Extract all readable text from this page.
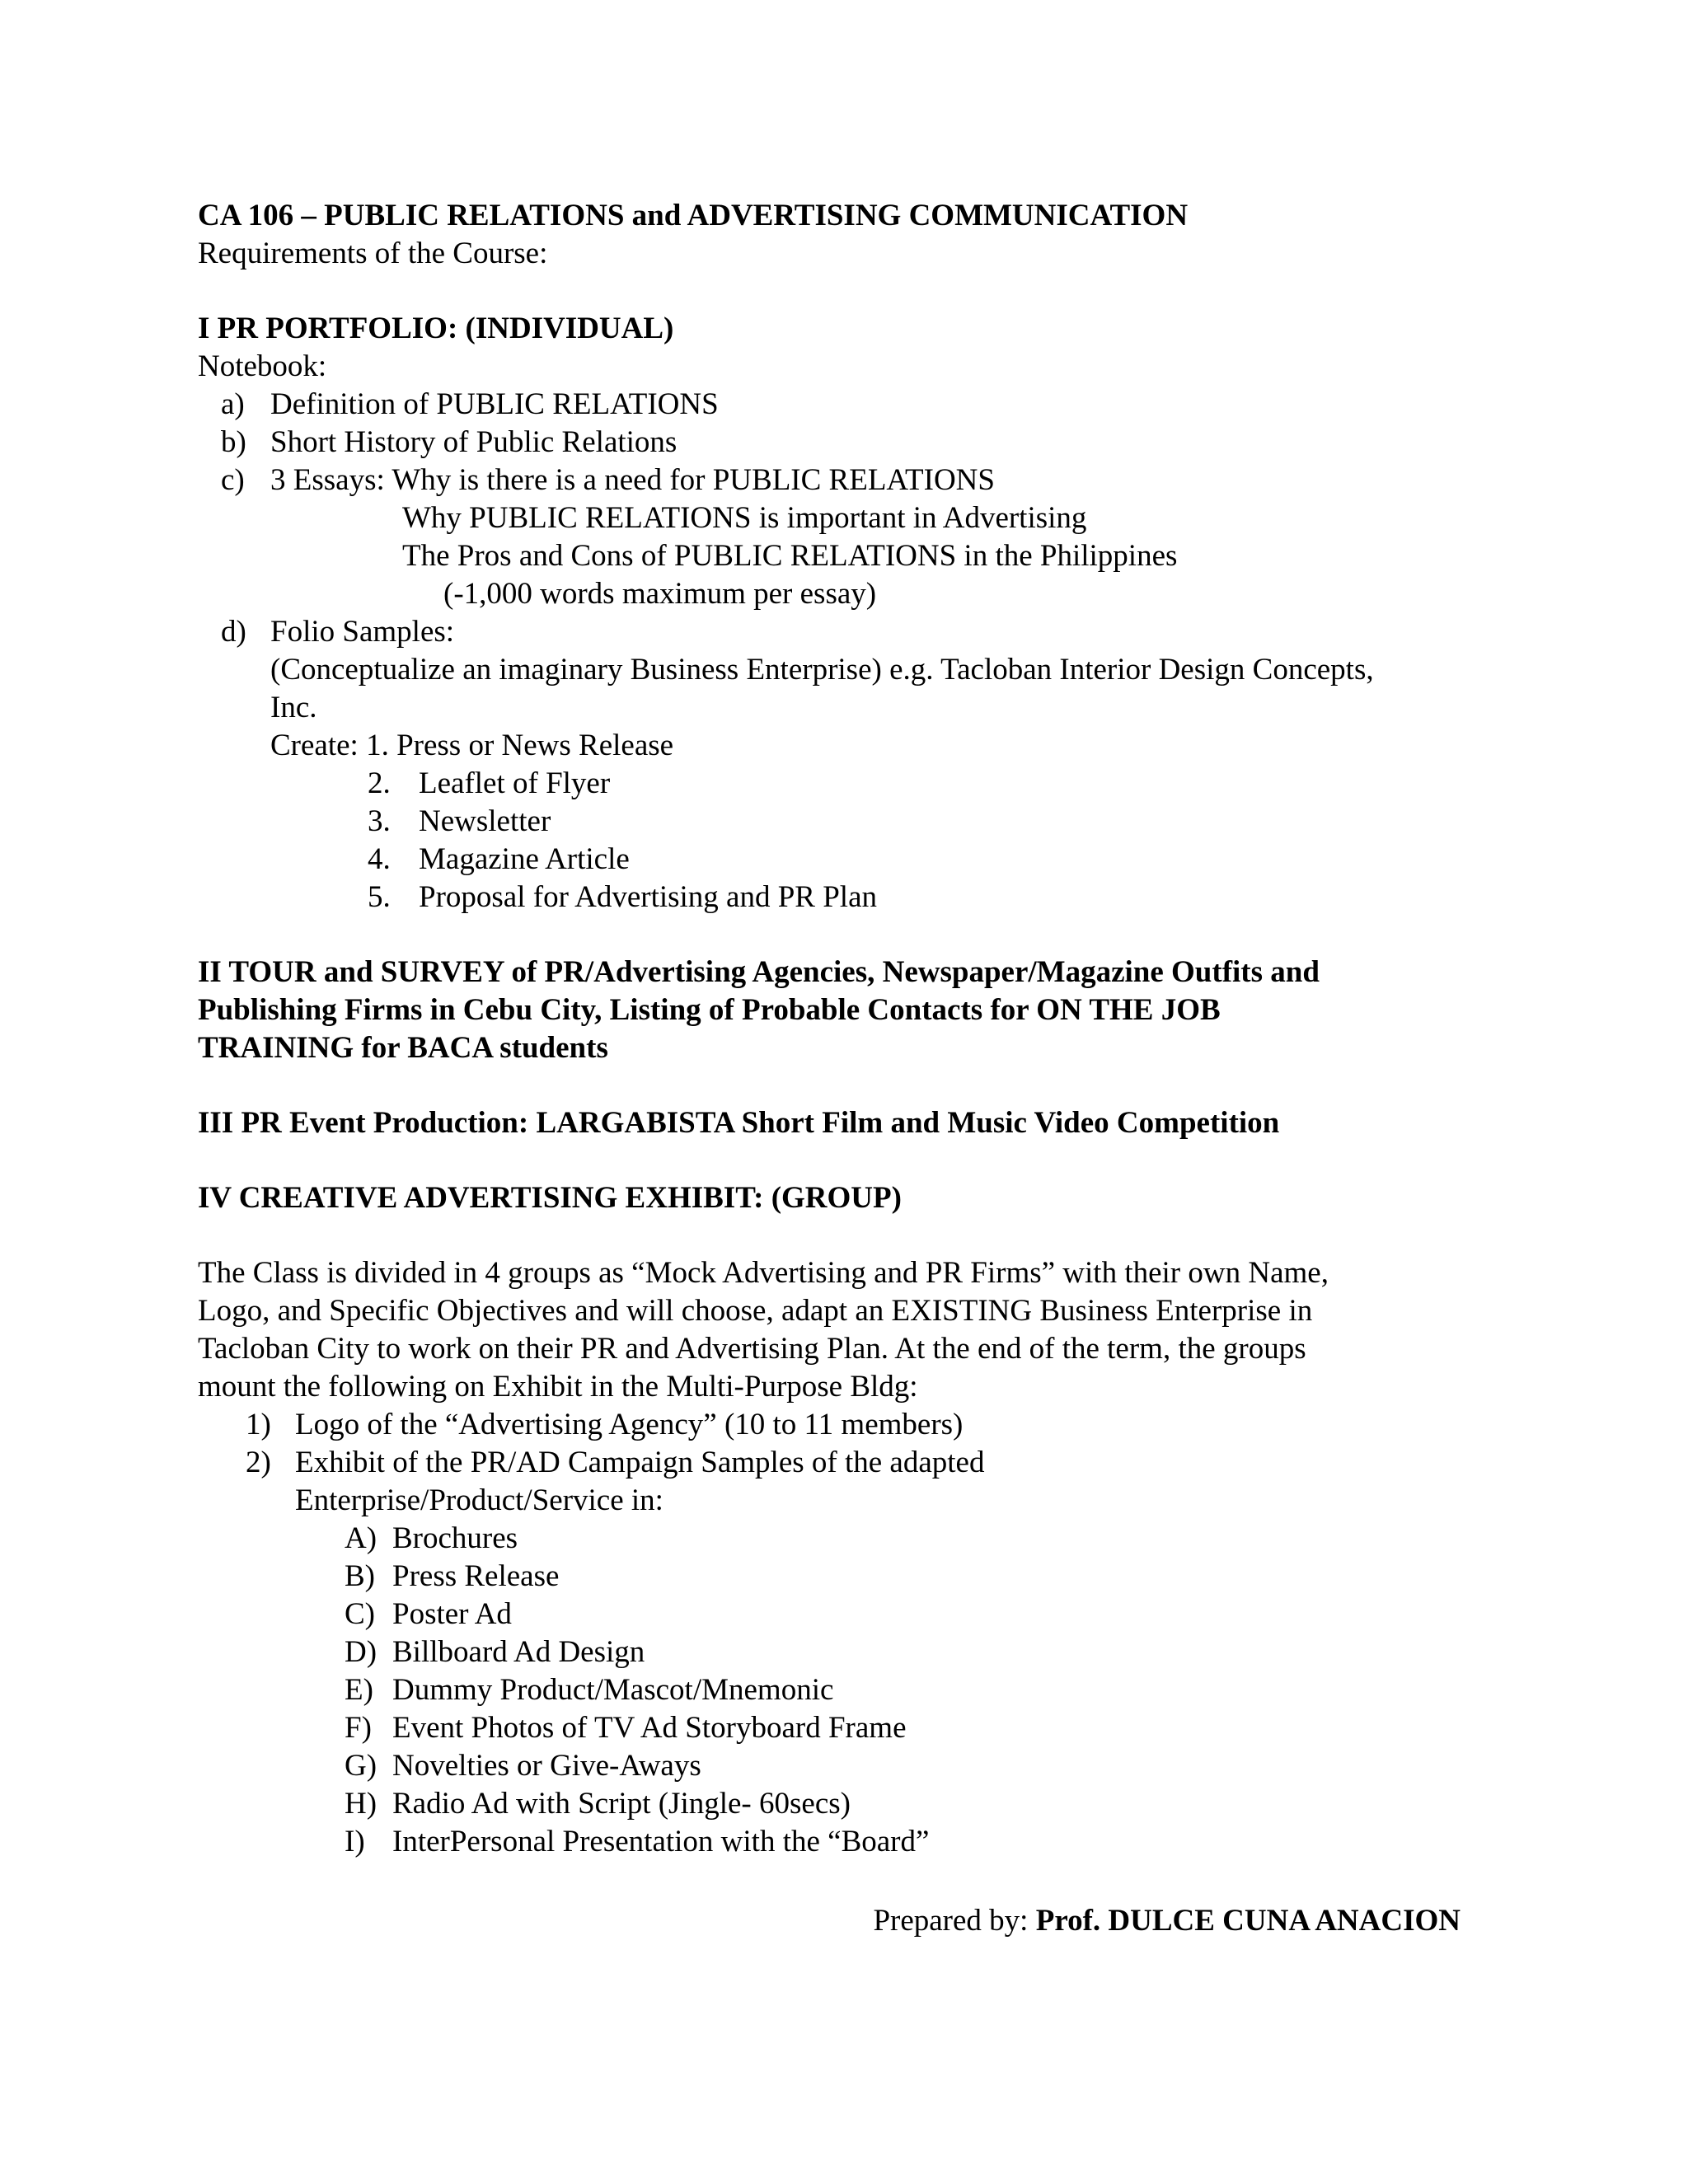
CA 106 – PUBLIC RELATIONS and ADVERTISING COMMUNICATION
Requirements of the Course:
I PR PORTFOLIO: (INDIVIDUAL)
Notebook:
a) Definition of PUBLIC RELATIONS
b) Short History of Public Relations
c) 3 Essays: Why is there is a need for PUBLIC RELATIONS
Why PUBLIC RELATIONS is important in Advertising
The Pros and Cons of PUBLIC RELATIONS in the Philippines
(-1,000 words maximum per essay)
d) Folio Samples:
(Conceptualize an imaginary Business Enterprise) e.g. Tacloban Interior Design Concepts,
Inc.
Create: 1. Press or News Release
2. Leaflet of Flyer
3. Newsletter
4. Magazine Article
5. Proposal for Advertising and PR Plan
II TOUR and SURVEY of PR/Advertising Agencies, Newspaper/Magazine Outfits and
Publishing Firms in Cebu City, Listing of Probable Contacts for ON THE JOB
TRAINING for BACA students
III PR Event Production: LARGABISTA Short Film and Music Video Competition
IV CREATIVE ADVERTISING EXHIBIT: (GROUP)
The Class is divided in 4 groups as “Mock Advertising and PR Firms” with their own Name,
Logo, and Specific Objectives and will choose, adapt an EXISTING Business Enterprise in
Tacloban City to work on their PR and Advertising Plan. At the end of the term, the groups
mount the following on Exhibit in the Multi-Purpose Bldg:
1) Logo of the “Advertising Agency” (10 to 11 members)
2) Exhibit of the PR/AD Campaign Samples of the adapted
Enterprise/Product/Service in:
A) Brochures
B) Press Release
C) Poster Ad
D) Billboard Ad Design
E) Dummy Product/Mascot/Mnemonic
F) Event Photos of TV Ad Storyboard Frame
G) Novelties or Give-Aways
H) Radio Ad with Script (Jingle- 60secs)
I) InterPersonal Presentation with the “Board”
Prepared by: Prof. DULCE CUNA ANACION
